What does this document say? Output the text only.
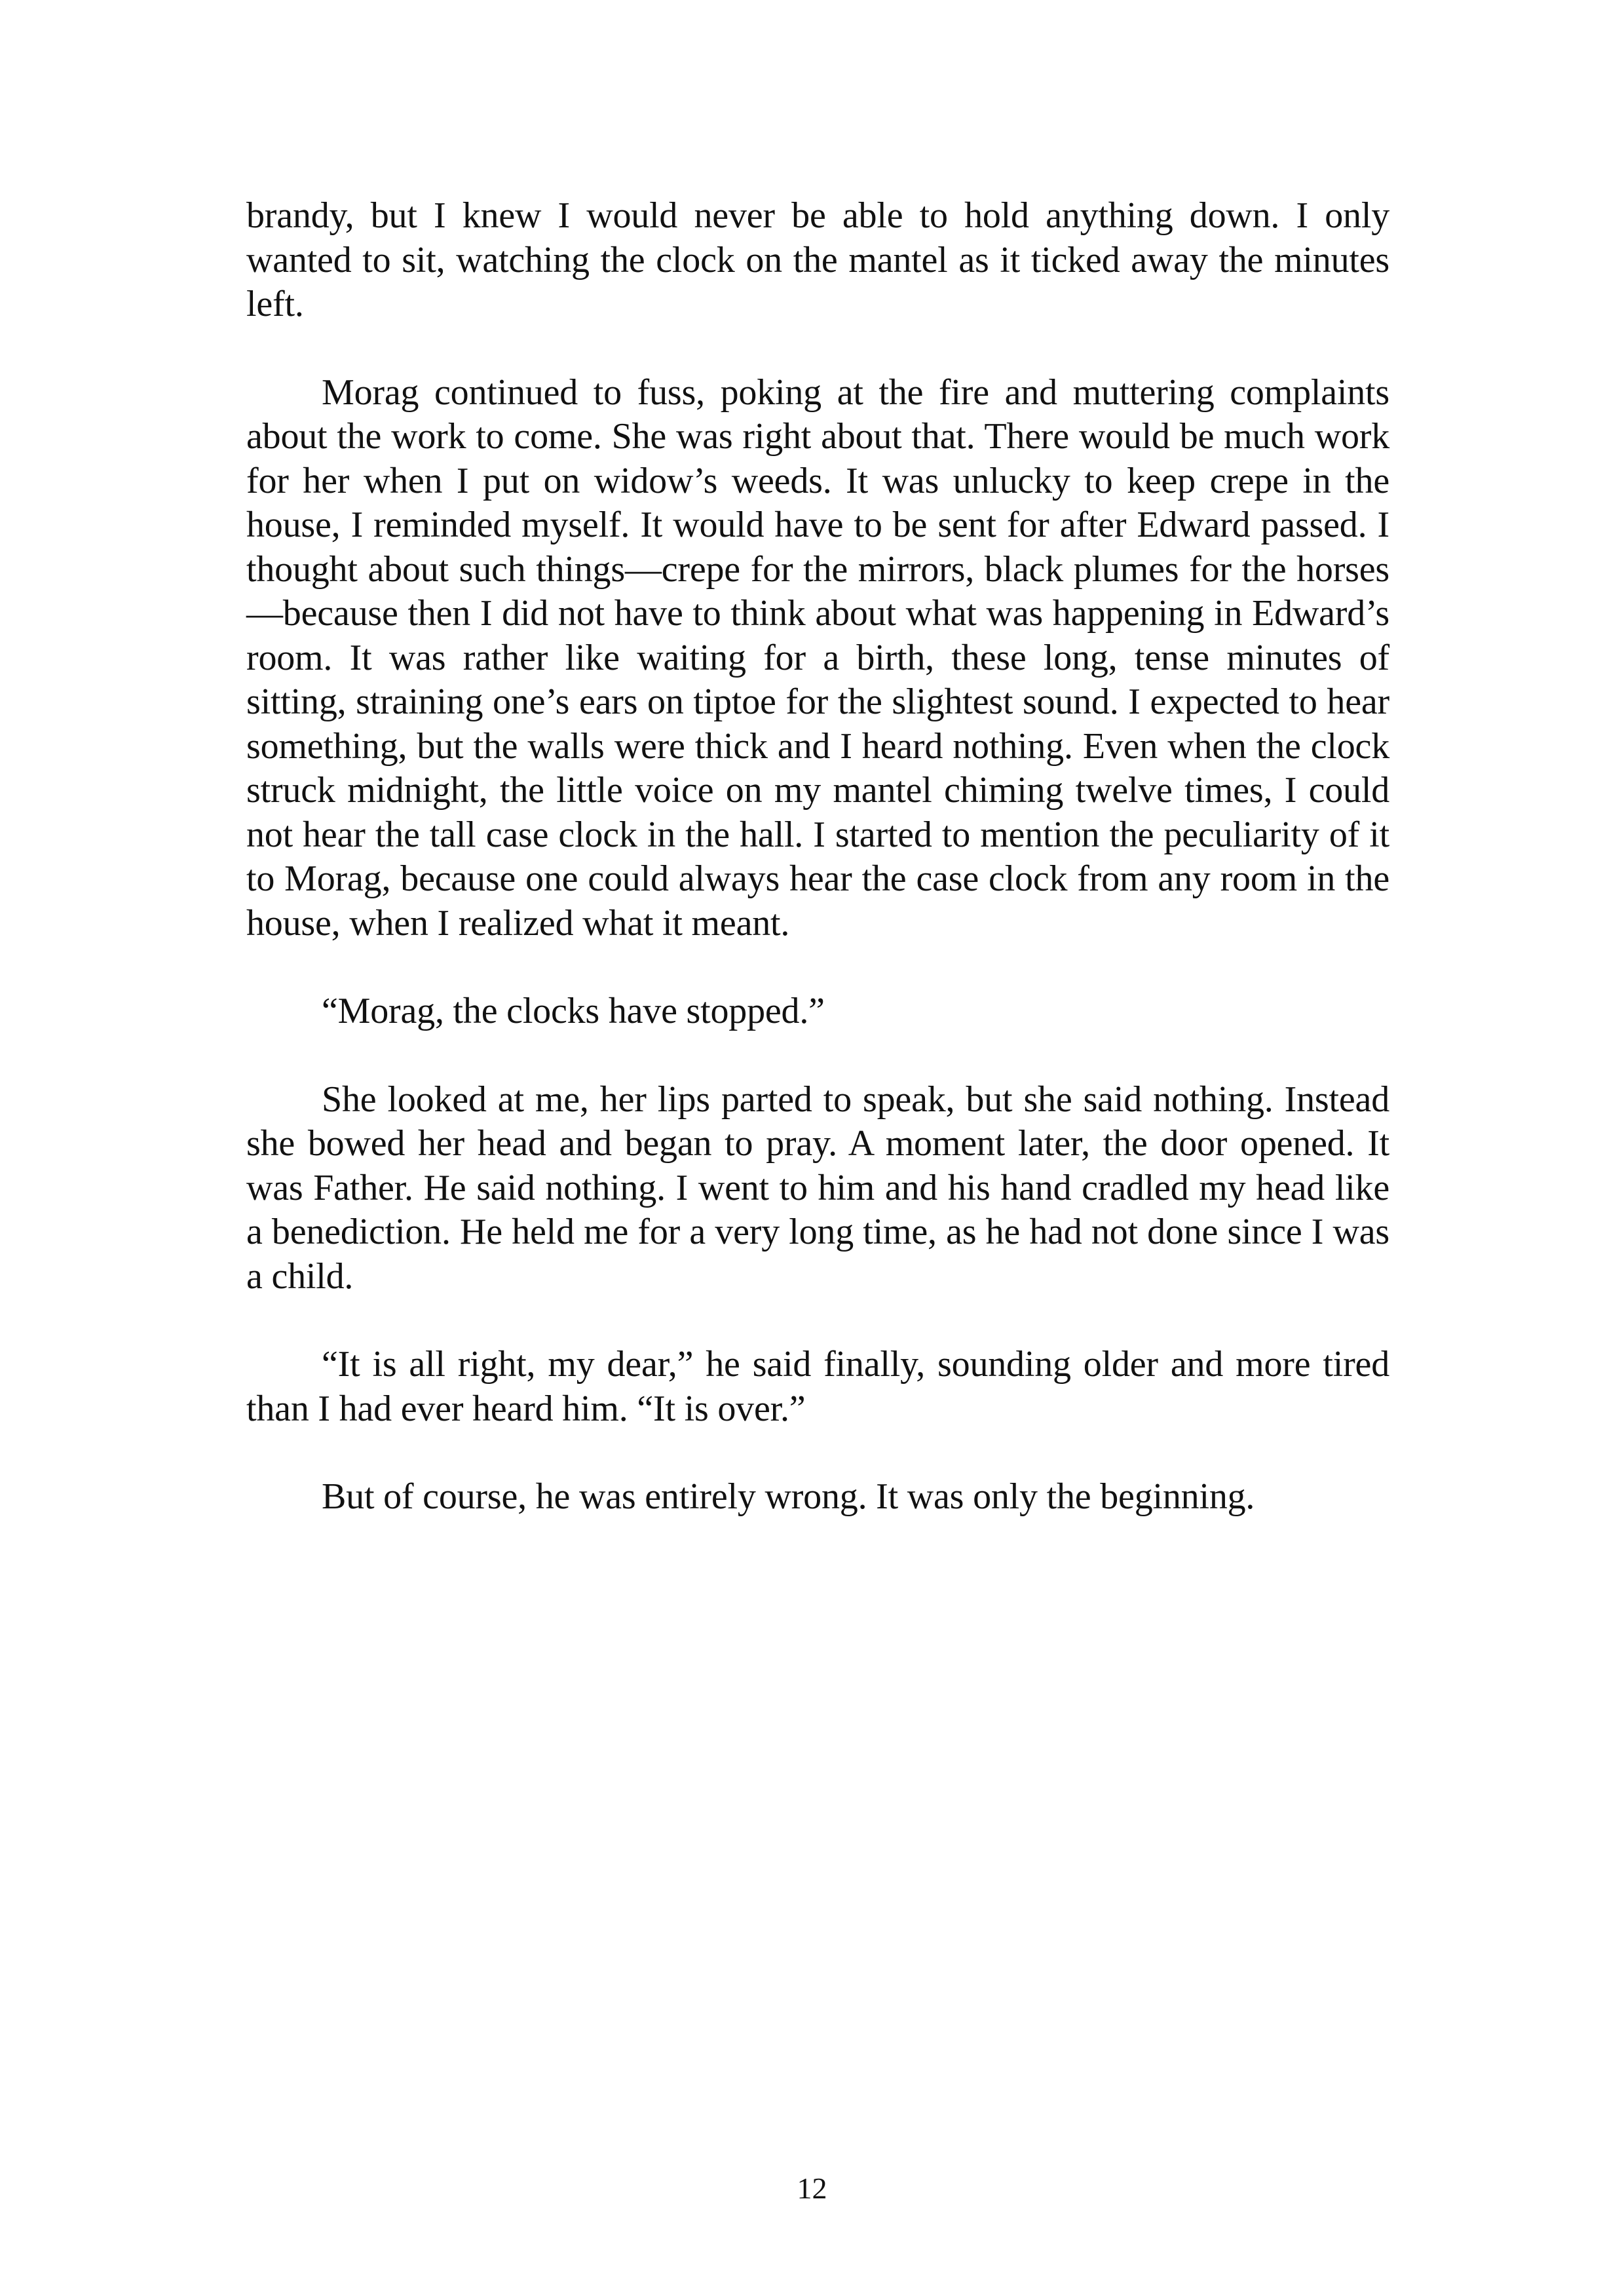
brandy, but I knew I would never be able to hold anything down. I only wanted to sit, watching the clock on the mantel as it ticked away the minutes left.

Morag continued to fuss, poking at the fire and muttering complaints about the work to come. She was right about that. There would be much work for her when I put on widow’s weeds. It was unlucky to keep crepe in the house, I reminded myself. It would have to be sent for after Edward passed. I thought about such things—crepe for the mirrors, black plumes for the horses—because then I did not have to think about what was happening in Edward’s room. It was rather like waiting for a birth, these long, tense minutes of sitting, straining one’s ears on tiptoe for the slightest sound. I expected to hear something, but the walls were thick and I heard nothing. Even when the clock struck midnight, the little voice on my mantel chiming twelve times, I could not hear the tall case clock in the hall. I started to mention the peculiarity of it to Morag, because one could always hear the case clock from any room in the house, when I realized what it meant.

“Morag, the clocks have stopped.”

She looked at me, her lips parted to speak, but she said nothing. Instead she bowed her head and began to pray. A moment later, the door opened. It was Father. He said nothing. I went to him and his hand cradled my head like a benediction. He held me for a very long time, as he had not done since I was a child.

“It is all right, my dear,” he said finally, sounding older and more tired than I had ever heard him. “It is over.”

But of course, he was entirely wrong. It was only the beginning.

12
